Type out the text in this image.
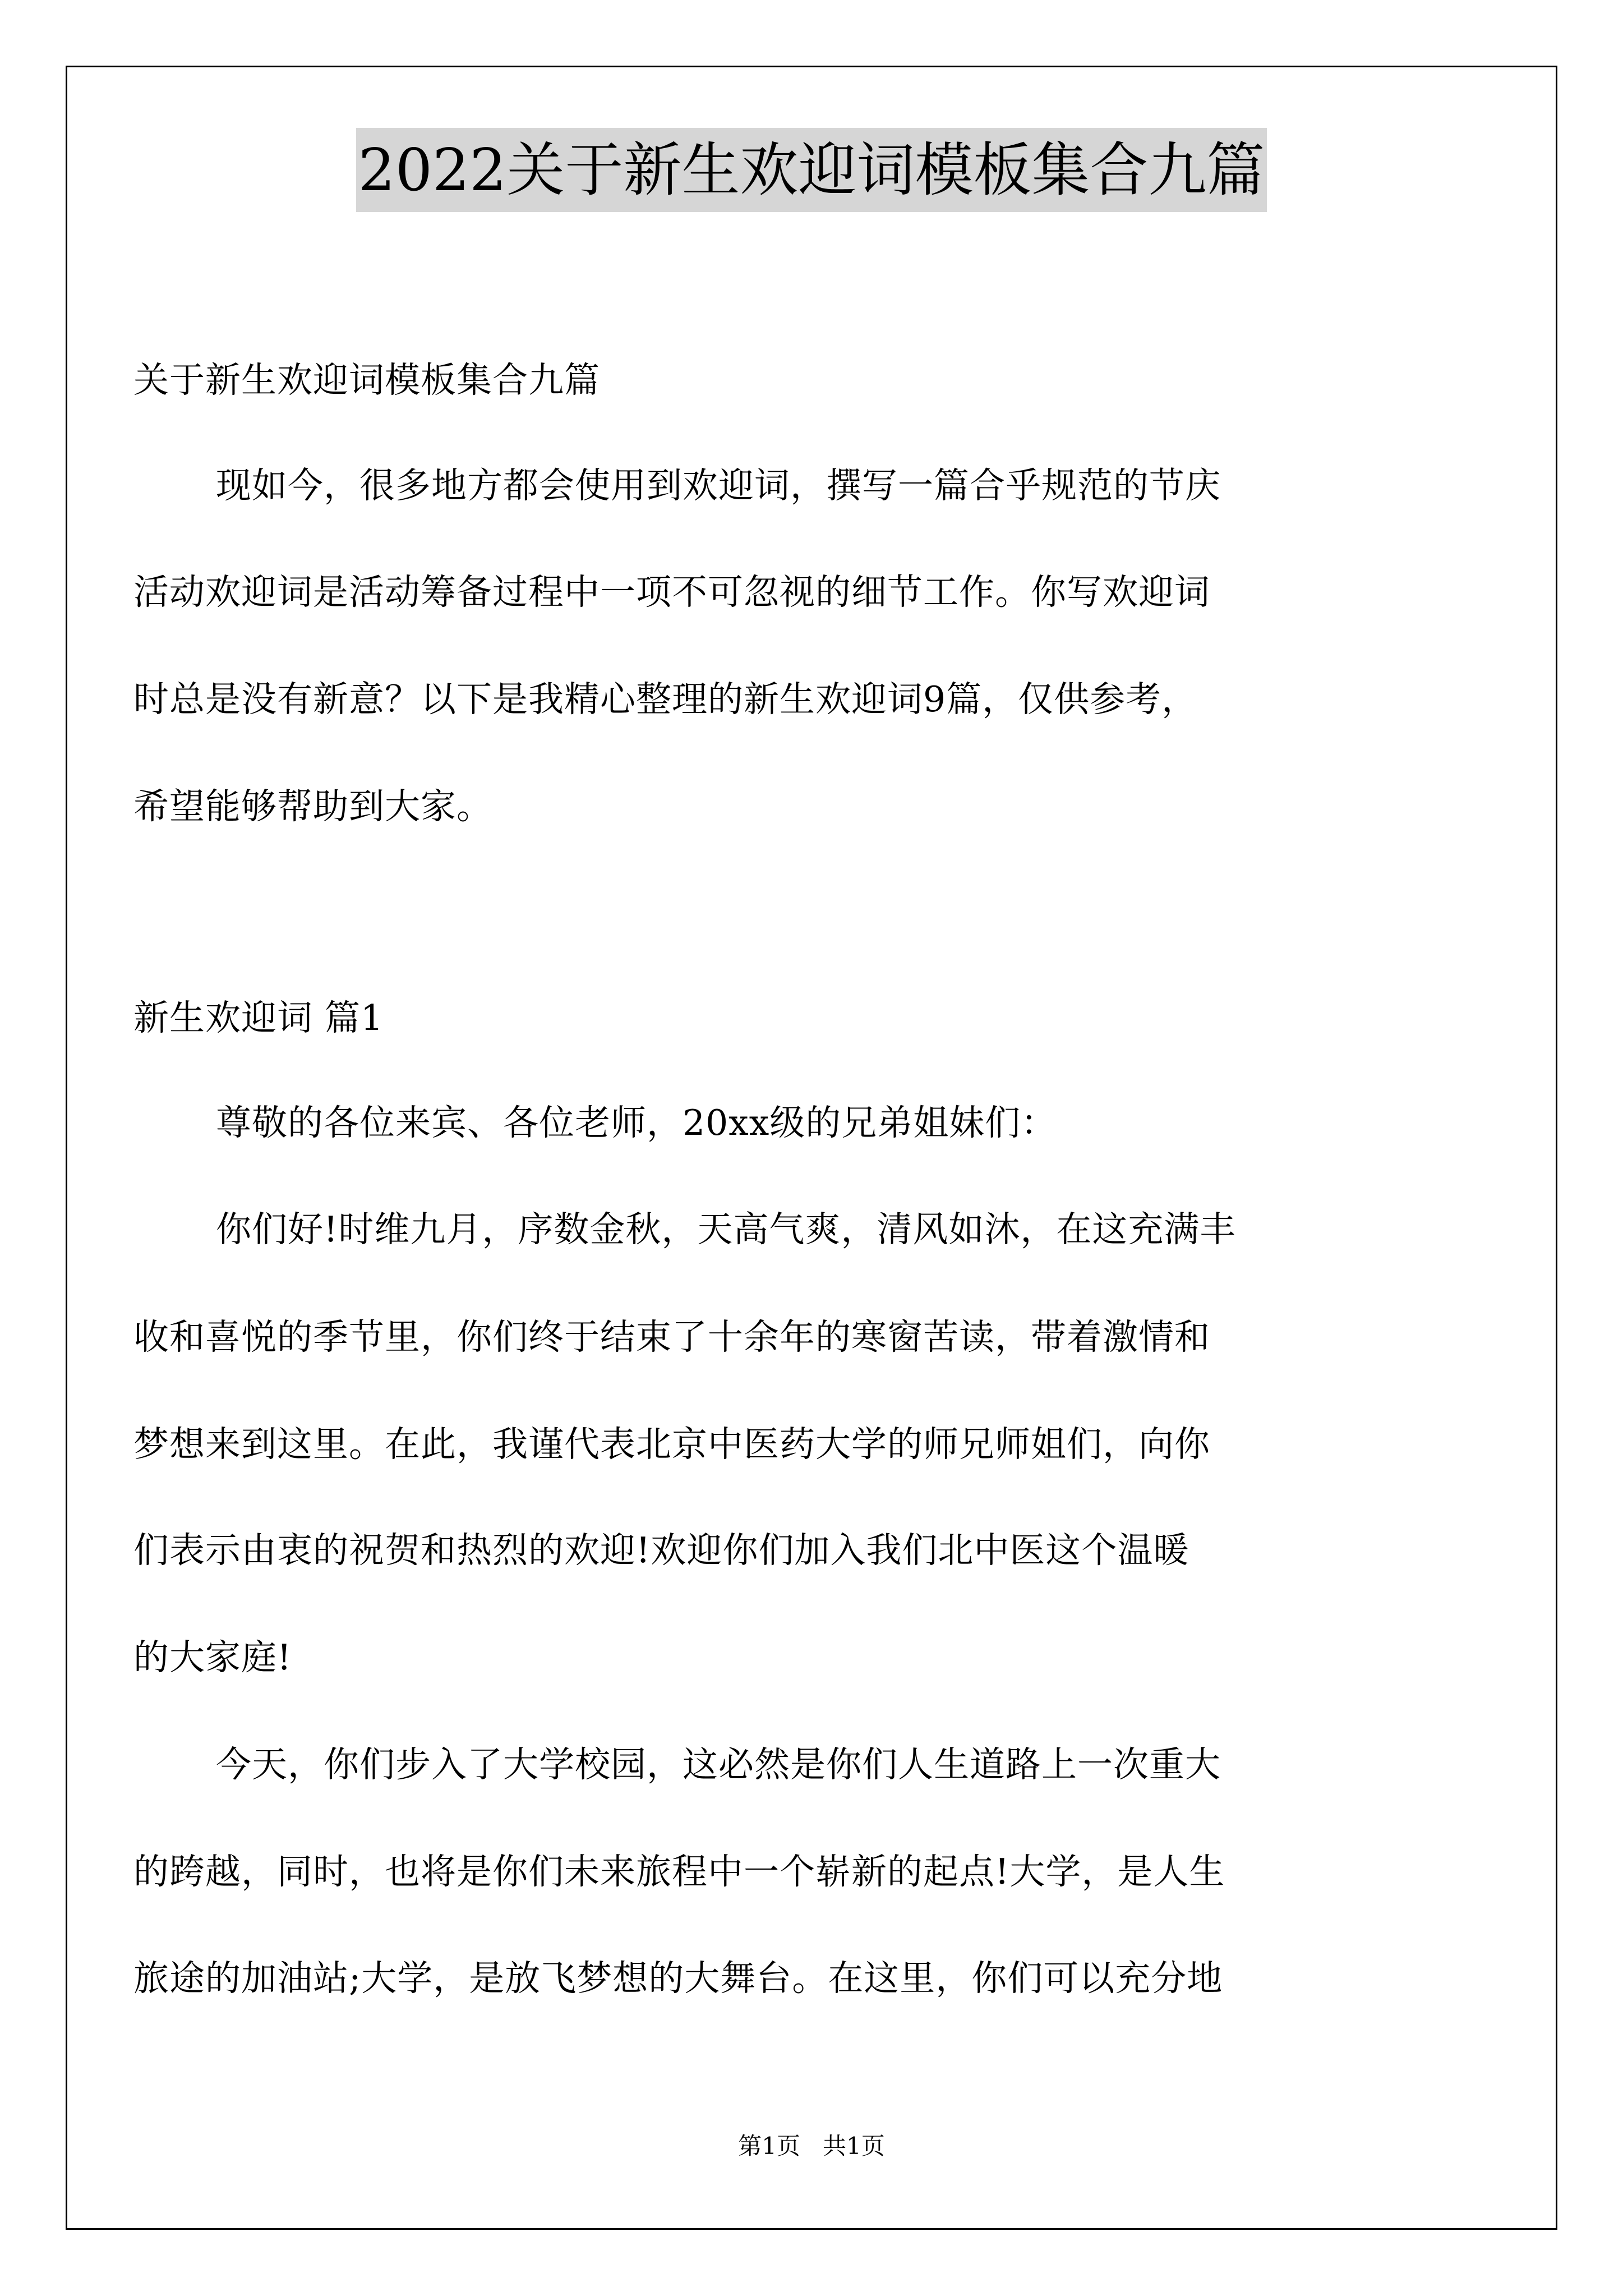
2022关于新生欢迎词模板集合九篇
关于新生欢迎词模板集合九篇
现如今，很多地方都会使用到欢迎词，撰写一篇合乎规范的节庆
活动欢迎词是活动筹备过程中一项不可忽视的细节工作。你写欢迎词
时总是没有新意？以下是我精心整理的新生欢迎词9篇，仅供参考，
希望能够帮助到大家。
新生欢迎词 篇1
尊敬的各位来宾、各位老师，20xx级的兄弟姐妹们：
你们好!时维九月，序数金秋，天高气爽，清风如沐，在这充满丰
收和喜悦的季节里，你们终于结束了十余年的寒窗苦读，带着激情和
梦想来到这里。在此，我谨代表北京中医药大学的师兄师姐们，向你
们表示由衷的祝贺和热烈的欢迎!欢迎你们加入我们北中医这个温暖
的大家庭!
今天，你们步入了大学校园，这必然是你们人生道路上一次重大
的跨越，同时，也将是你们未来旅程中一个崭新的起点!大学，是人生
旅途的加油站;大学，是放飞梦想的大舞台。在这里，你们可以充分地
第1页   共1页
